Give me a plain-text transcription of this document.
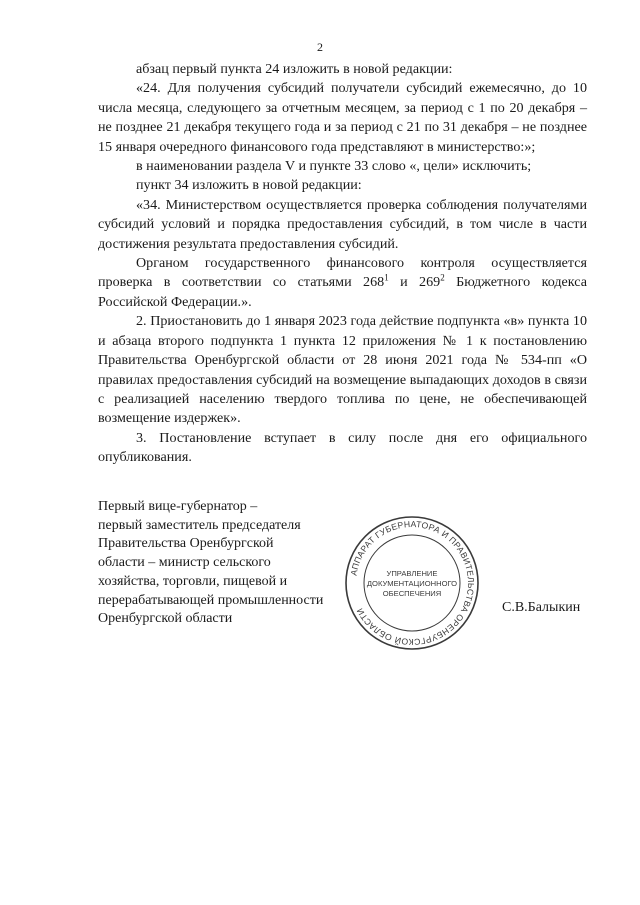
2

абзац первый пункта 24 изложить в новой редакции:

«24. Для получения субсидий получатели субсидий ежемесячно, до 10 числа месяца, следующего за отчетным месяцем, за период с 1 по 20 декабря – не позднее 21 декабря текущего года и за период с 21 по 31 декабря – не позднее 15 января очередного финансового года представляют в министерство:»;

в наименовании раздела V и пункте 33 слово «, цели» исключить;

пункт 34 изложить в новой редакции:

«34. Министерством осуществляется проверка соблюдения получателями субсидий условий и порядка предоставления субсидий, в том числе в части достижения результата предоставления субсидий.

Органом государственного финансового контроля осуществляется проверка в соответствии со статьями $268^1$ и $269^2$ Бюджетного кодекса Российской Федерации.».

2. Приостановить до 1 января 2023 года действие подпункта «в» пункта 10 и абзаца второго подпункта 1 пункта 12 приложения № 1 к постановлению Правительства Оренбургской области от 28 июня 2021 года № 534-пп «О правилах предоставления субсидий на возмещение выпадающих доходов в связи с реализацией населению твердого топлива по цене, не обеспечивающей возмещение издержек».

3. Постановление вступает в силу после дня его официального опубликования.

Первый вице-губернатор –
первый заместитель председателя
Правительства Оренбургской
области – министр сельского
хозяйства, торговли, пищевой и
перерабатывающей промышленности
Оренбургской области
АППАРАТ ГУБЕРНАТОРА И ПРАВИТЕЛЬСТВА ОРЕНБУРГСКОЙ ОБЛАСТИ
УПРАВЛЕНИЕ
ДОКУМЕНТАЦИОННОГО
ОБЕСПЕЧЕНИЯ
С.В.Балыкин
